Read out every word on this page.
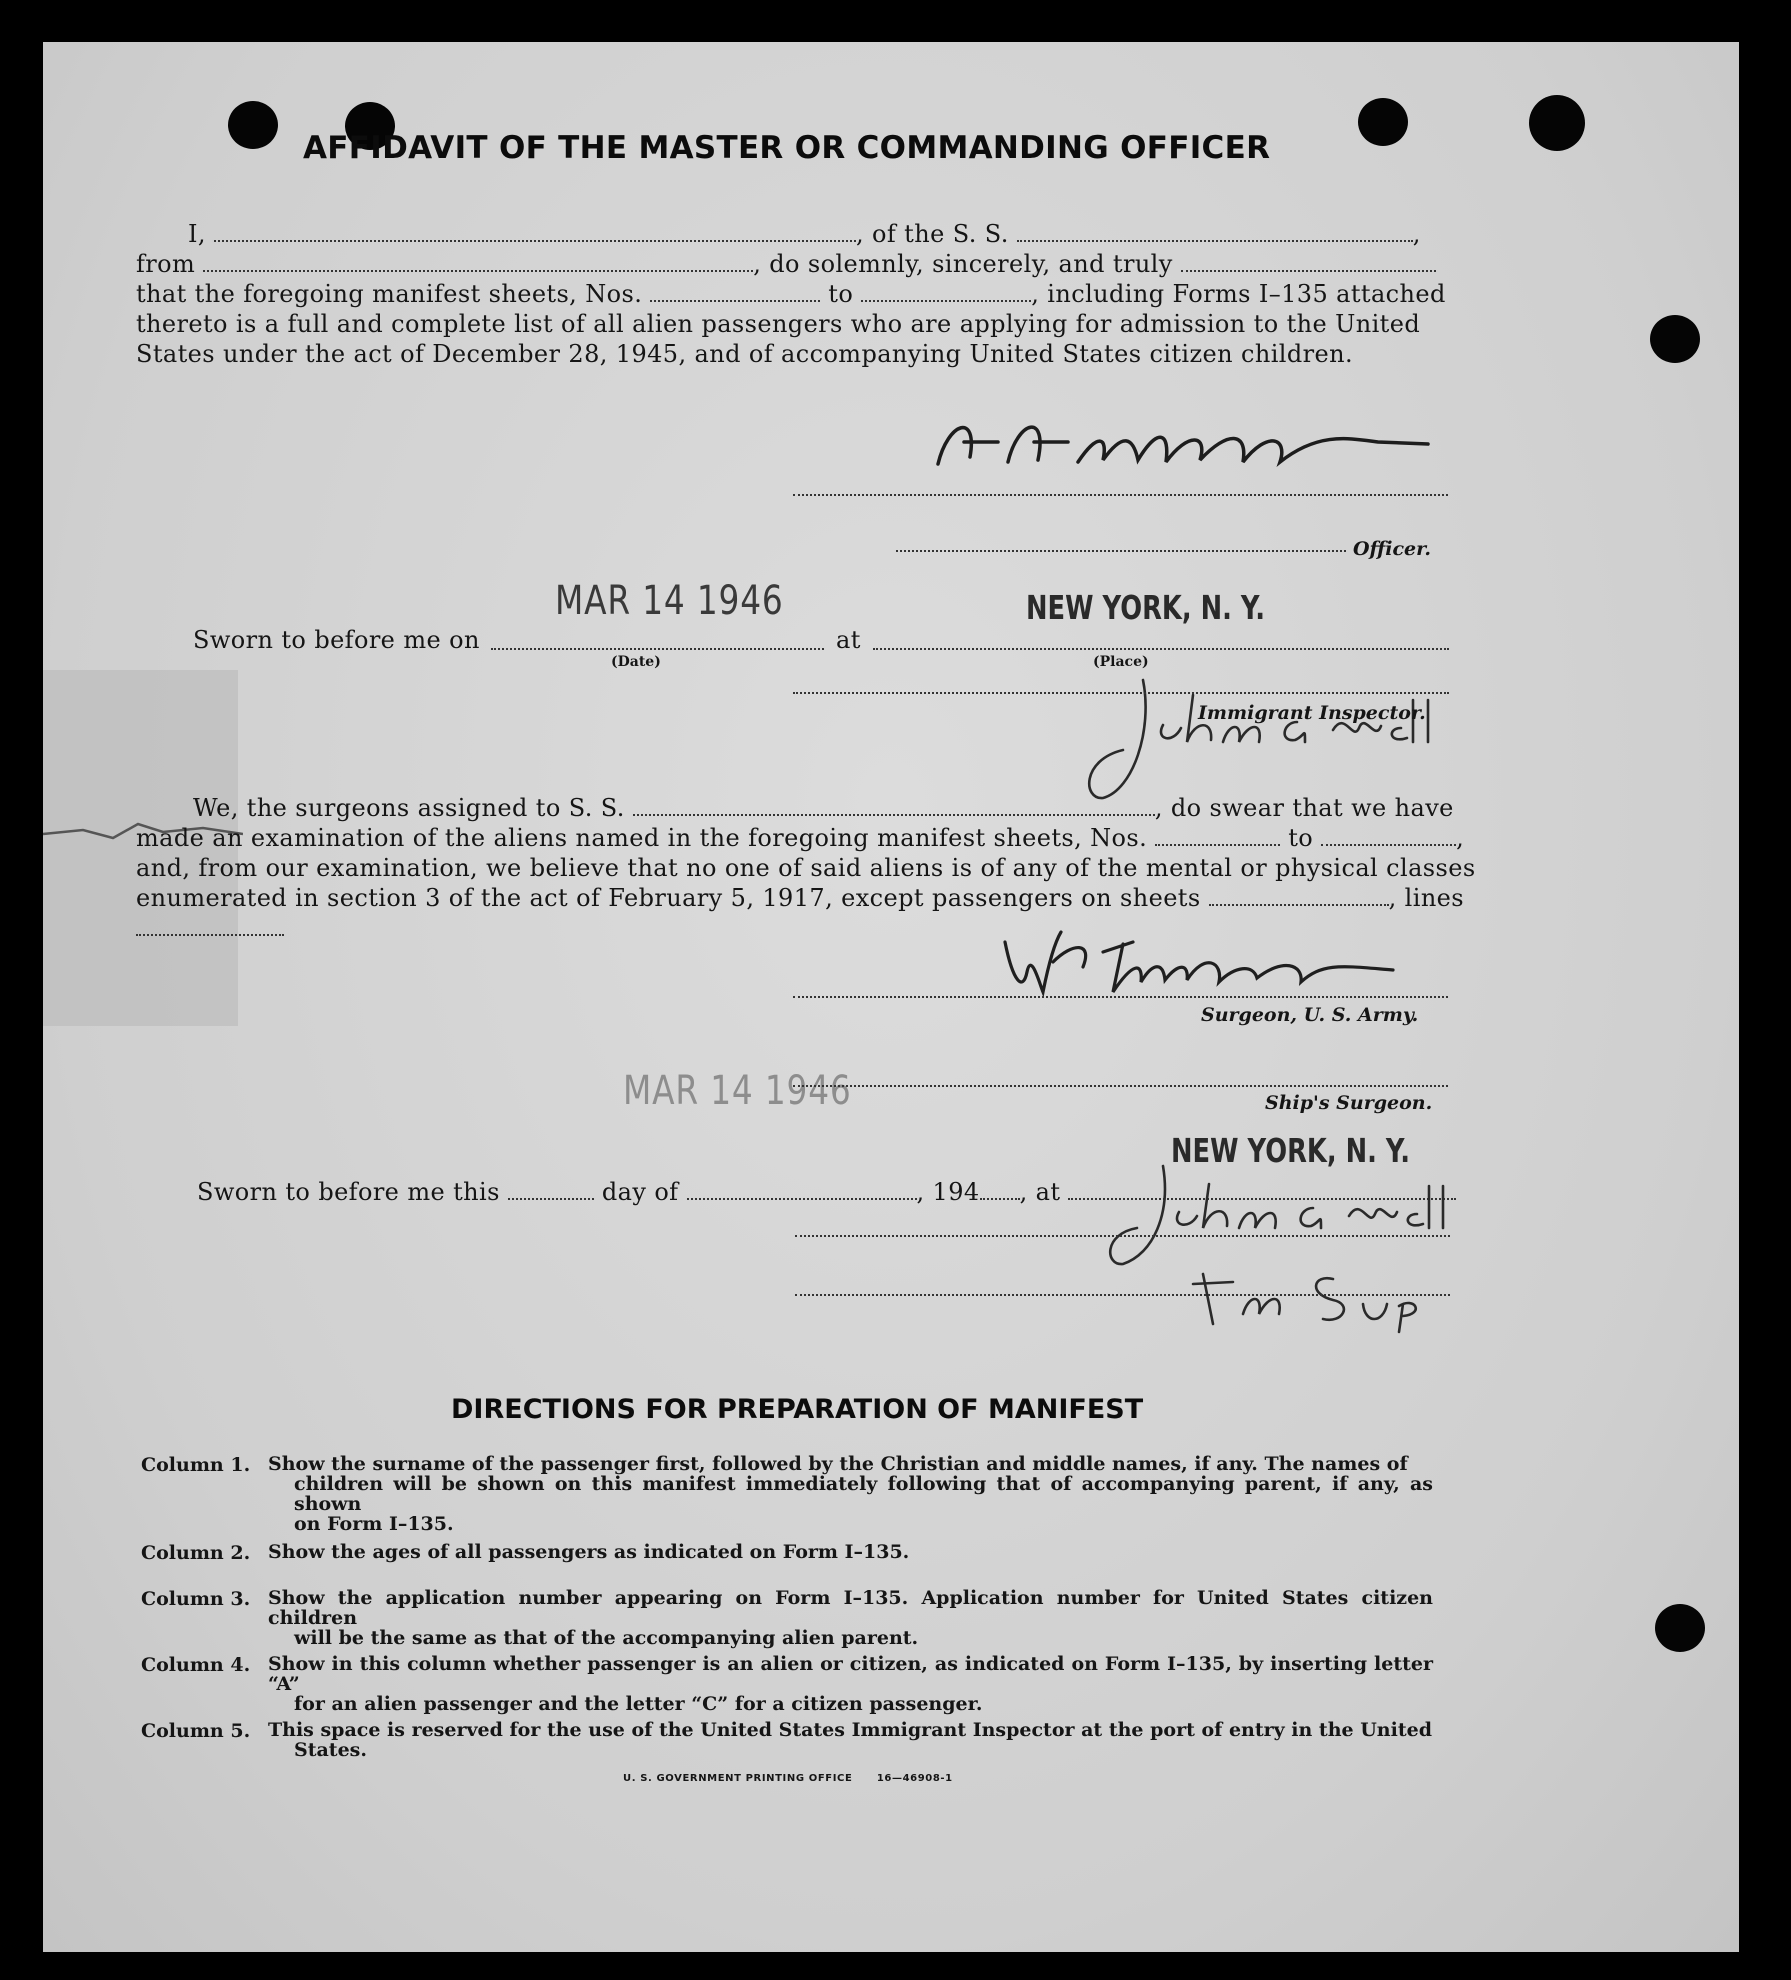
AFFIDAVIT OF THE MASTER OR COMMANDING OFFICER
I,	, of the S. S.	,
from	, do solemnly, sincerely, and truly
that the foregoing manifest sheets, Nos.	to	, including Forms I–135 attached
thereto is a full and complete list of all alien passengers who are applying for admission to the United
States under the act of December 28, 1945, and of accompanying United States citizen children.
Officer.
MAR 14 1946	NEW YORK, N. Y.
Sworn to before me on	at
(Date)	(Place)
Immigrant Inspector.
We, the surgeons assigned to S. S.	, do swear that we have
made an examination of the aliens named in the foregoing manifest sheets, Nos.	to	,
and, from our examination, we believe that no one of said aliens is of any of the mental or physical classes
enumerated in section 3 of the act of February 5, 1917, except passengers on sheets	, lines
Surgeon, U. S. Army.
MAR 14 1946	Ship's Surgeon.
NEW YORK, N. Y.
Sworn to before me this	day of	, 194 , at
DIRECTIONS FOR PREPARATION OF MANIFEST
Column 1. Show the surname of the passenger first, followed by the Christian and middle names, if any. The names of
children will be shown on this manifest immediately following that of accompanying parent, if any, as shown
on Form I–135.
Column 2. Show the ages of all passengers as indicated on Form I–135.
Column 3. Show the application number appearing on Form I–135. Application number for United States citizen children
will be the same as that of the accompanying alien parent.
Column 4. Show in this column whether passenger is an alien or citizen, as indicated on Form I–135, by inserting letter “A”
for an alien passenger and the letter “C” for a citizen passenger.
Column 5. This space is reserved for the use of the United States Immigrant Inspector at the port of entry in the United
States.
U. S. GOVERNMENT PRINTING OFFICE      16—46908-1
